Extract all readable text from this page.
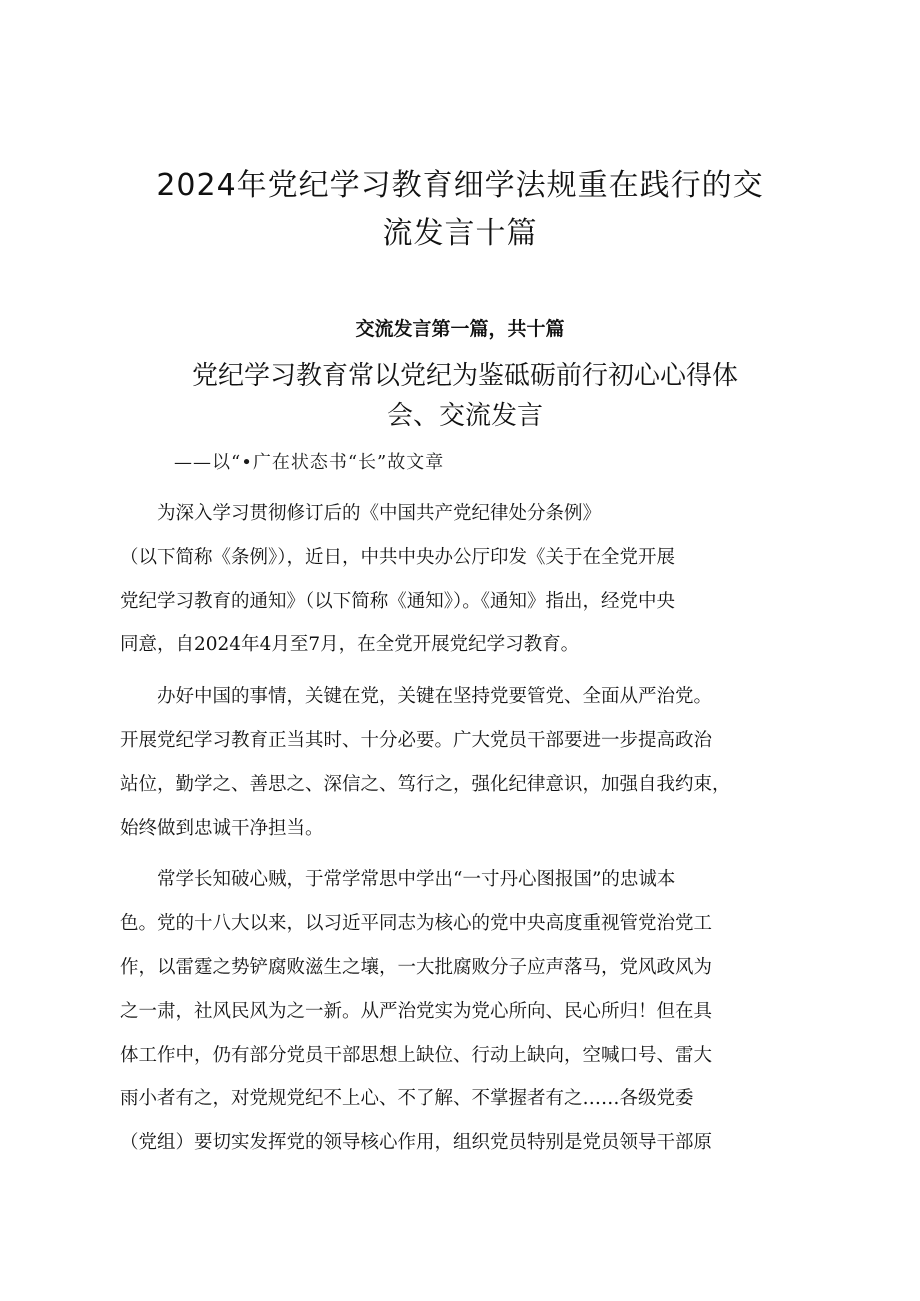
2024年党纪学习教育细学法规重在践行的交
流发言十篇
交流发言第一篇，共十篇
党纪学习教育常以党纪为鉴砥砺前行初心心得体
会、交流发言
——以“•广在状态书“长”故文章
　　为深入学习贯彻修订后的《中国共产党纪律处分条例》
（以下简称《条例》），近日，中共中央办公厅印发《关于在全党开展
党纪学习教育的通知》（以下简称《通知》）。《通知》指出，经党中央
同意，自2024年4月至7月，在全党开展党纪学习教育。
　　办好中国的事情，关键在党，关键在坚持党要管党、全面从严治党。
开展党纪学习教育正当其时、十分必要。广大党员干部要进一步提高政治
站位，勤学之、善思之、深信之、笃行之，强化纪律意识，加强自我约束，
始终做到忠诚干净担当。
　　常学长知破心贼，于常学常思中学出“一寸丹心图报国”的忠诚本
色。党的十八大以来，以习近平同志为核心的党中央高度重视管党治党工
作，以雷霆之势铲腐败滋生之壤，一大批腐败分子应声落马，党风政风为
之一肃，社风民风为之一新。从严治党实为党心所向、民心所归！但在具
体工作中，仍有部分党员干部思想上缺位、行动上缺向，空喊口号、雷大
雨小者有之，对党规党纪不上心、不了解、不掌握者有之……各级党委
（党组）要切实发挥党的领导核心作用，组织党员特别是党员领导干部原
